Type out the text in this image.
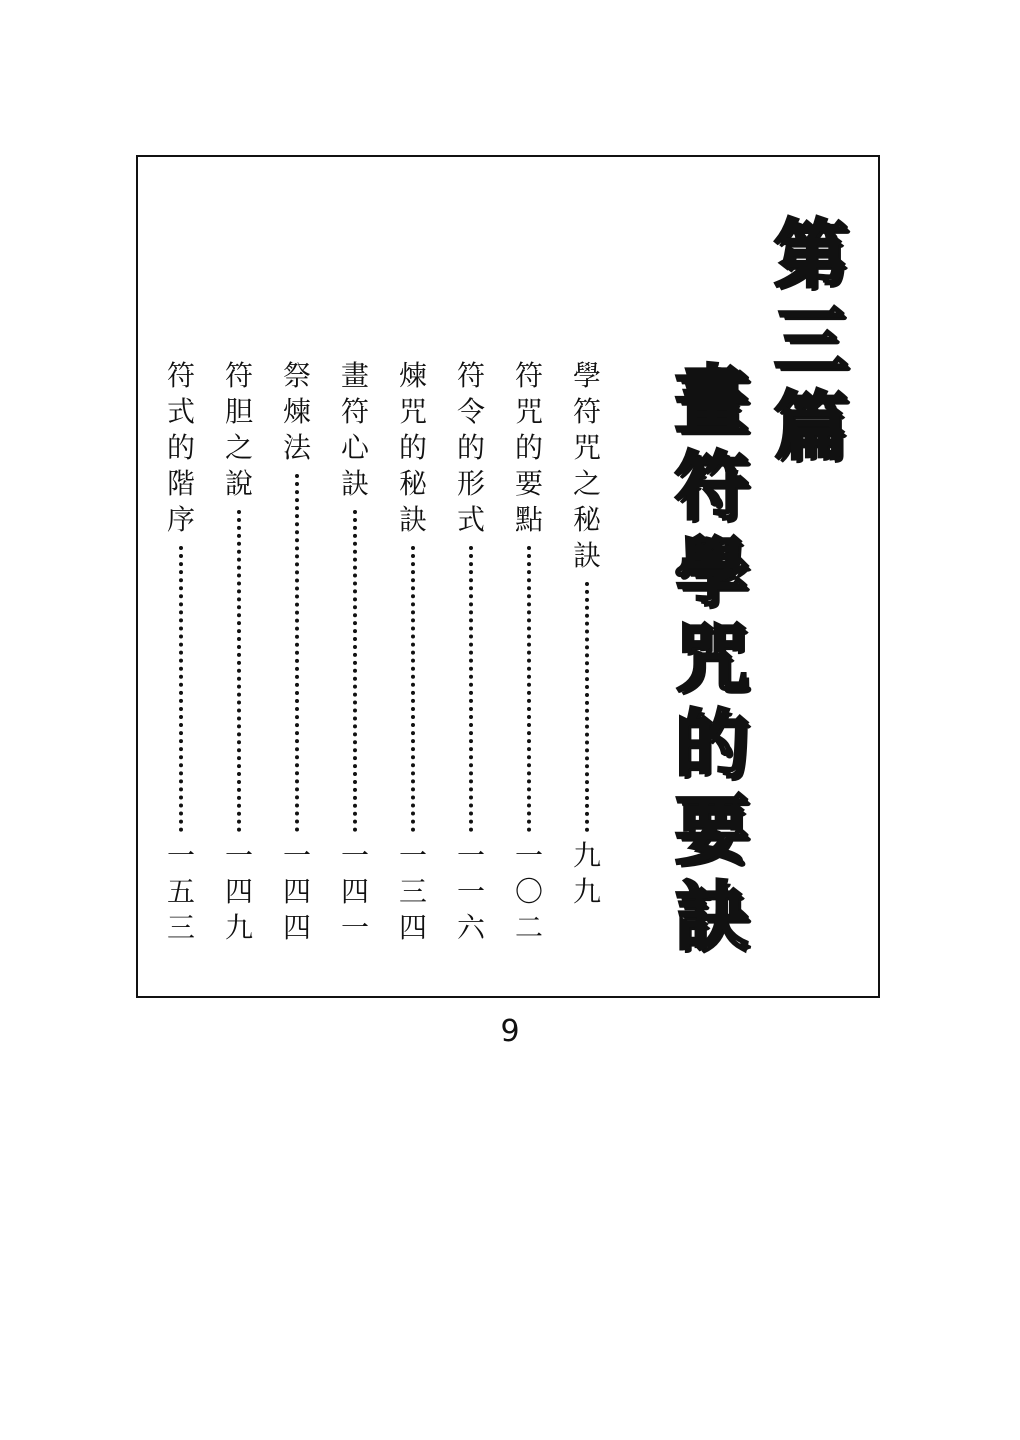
第
三
篇
畫
符
學
咒
的
要
訣
學
符
咒
之
秘
訣
九
九
符
咒
的
要
點
一
〇
二
符
令
的
形
式
一
一
六
煉
咒
的
秘
訣
一
三
四
畫
符
心
訣
一
四
一
祭
煉
法
一
四
四
符
胆
之
說
一
四
九
符
式
的
階
序
一
五
三
9
